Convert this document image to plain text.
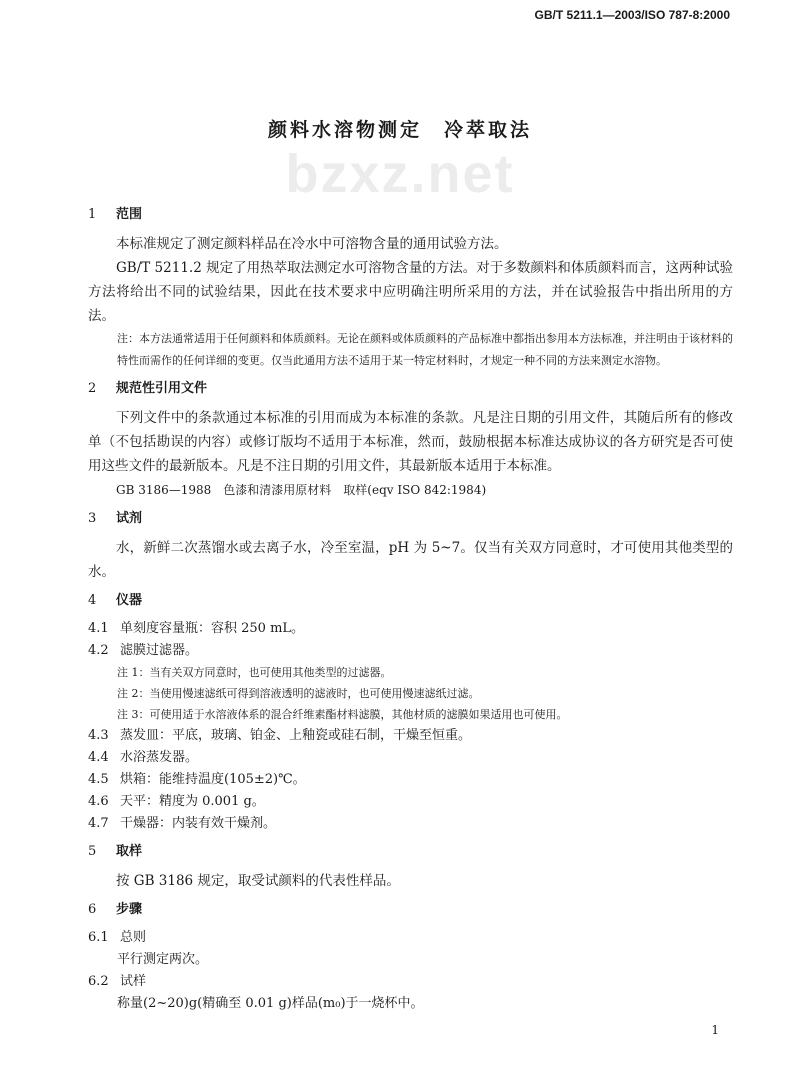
GB/T 5211.1—2003/ISO 787-8:2000
颜料水溶物测定　冷萃取法
bzxz.net
1 范围
本标准规定了测定颜料样品在冷水中可溶物含量的通用试验方法。
GB/T 5211.2 规定了用热萃取法测定水可溶物含量的方法。对于多数颜料和体质颜料而言，这两种试验方法将给出不同的试验结果，因此在技术要求中应明确注明所采用的方法，并在试验报告中指出所用的方法。
注：本方法通常适用于任何颜料和体质颜料。无论在颜料或体质颜料的产品标准中都指出参用本方法标准，并注明由于该材料的特性而需作的任何详细的变更。仅当此通用方法不适用于某一特定材料时，才规定一种不同的方法来测定水溶物。
2 规范性引用文件
下列文件中的条款通过本标准的引用而成为本标准的条款。凡是注日期的引用文件，其随后所有的修改单（不包括勘误的内容）或修订版均不适用于本标准，然而，鼓励根据本标准达成协议的各方研究是否可使用这些文件的最新版本。凡是不注日期的引用文件，其最新版本适用于本标准。
GB 3186—1988　色漆和清漆用原材料　取样(eqv ISO 842:1984)
3 试剂
水，新鲜二次蒸馏水或去离子水，冷至室温，pH 为 5~7。仅当有关双方同意时，才可使用其他类型的水。
4 仪器
4.1 单刻度容量瓶：容积 250 mL。
4.2 滤膜过滤器。
注 1：当有关双方同意时，也可使用其他类型的过滤器。
注 2：当使用慢速滤纸可得到溶液透明的滤液时，也可使用慢速滤纸过滤。
注 3：可使用适于水溶液体系的混合纤维素酯材料滤膜，其他材质的滤膜如果适用也可使用。
4.3 蒸发皿：平底，玻璃、铂金、上釉瓷或硅石制，干燥至恒重。
4.4 水浴蒸发器。
4.5 烘箱：能维持温度(105±2)℃。
4.6 天平：精度为 0.001 g。
4.7 干燥器：内装有效干燥剂。
5 取样
按 GB 3186 规定，取受试颜料的代表性样品。
6 步骤
6.1 总则
平行测定两次。
6.2 试样
称量(2~20)g(精确至 0.01 g)样品(m₀)于一烧杯中。
1
